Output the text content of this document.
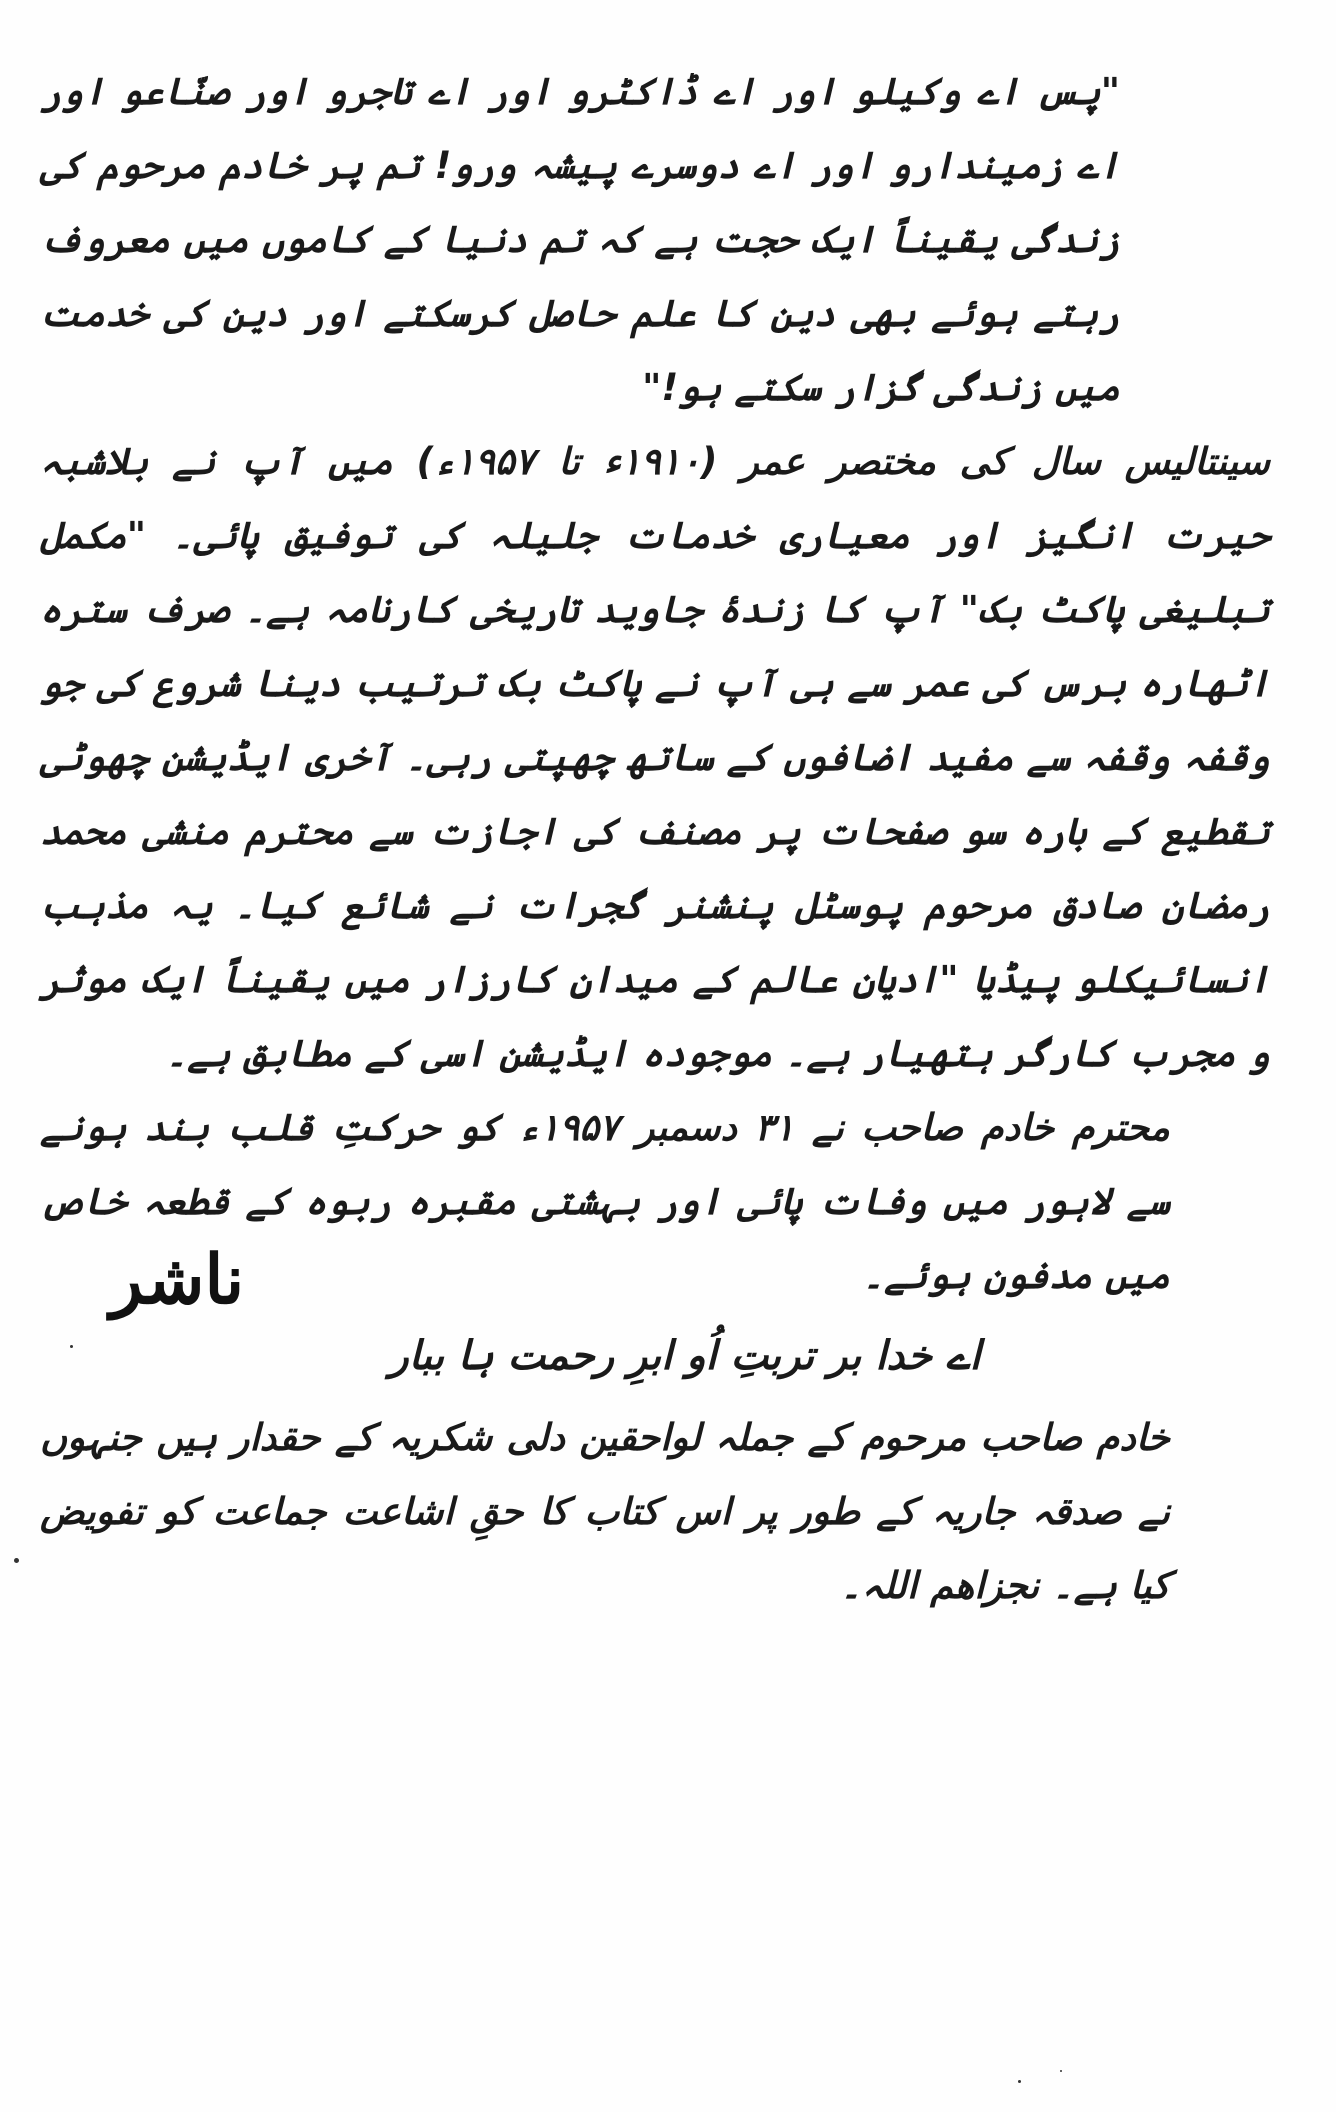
"پس اے وکیلو اور اے ڈاکٹرو اور اے تاجرو اور صنّاعو اور اے زمیندارو اور اے دوسرے پیشہ ورو! تم پر خادم مرحوم کی زندگی یقیناً ایک حجت ہے کہ تم دنیا کے کاموں میں معروف رہتے ہوئے بھی دین کا علم حاصل کرسکتے اور دین کی خدمت میں زندگی گزار سکتے ہو!"

سینتالیس سال کی مختصر عمر (۱۹۱۰ء تا ۱۹۵۷ء) میں آپ نے بلاشبہ حیرت انگیز اور معیاری خدمات جلیلہ کی توفیق پائی۔ "مکمل تبلیغی پاکٹ بک" آپ کا زندۂ جاوید تاریخی کارنامہ ہے۔ صرف سترہ اٹھارہ برس کی عمر سے ہی آپ نے پاکٹ بک ترتیب دینا شروع کی جو وقفہ وقفہ سے مفید اضافوں کے ساتھ چھپتی رہی۔ آخری ایڈیشن چھوٹی تقطیع کے بارہ سو صفحات پر مصنف کی اجازت سے محترم منشی محمد رمضان صادق مرحوم پوسٹل پنشنر گجرات نے شائع کیا۔ یہ مذہب انسائیکلو پیڈیا "ادیانِ عالم کے میدانِ کارزار میں یقیناً ایک موثر و مجرب کارگر ہتھیار ہے۔ موجودہ ایڈیشن اسی کے مطابق ہے۔

محترم خادم صاحب نے ۳۱ دسمبر ۱۹۵۷ء کو حرکتِ قلب بند ہونے سے لاہور میں وفات پائی اور بہشتی مقبرہ ربوہ کے قطعہ خاص میں مدفون ہوئے۔

اے خدا بر تربتِ اُو ابرِ رحمت ہا ببار

خادم صاحب مرحوم کے جملہ لواحقین دلی شکریہ کے حقدار ہیں جنہوں نے صدقہ جاریہ کے طور پر اس کتاب کا حقِ اشاعت جماعت کو تفویض کیا ہے۔ نجزاھم اللہ۔

ناشر
